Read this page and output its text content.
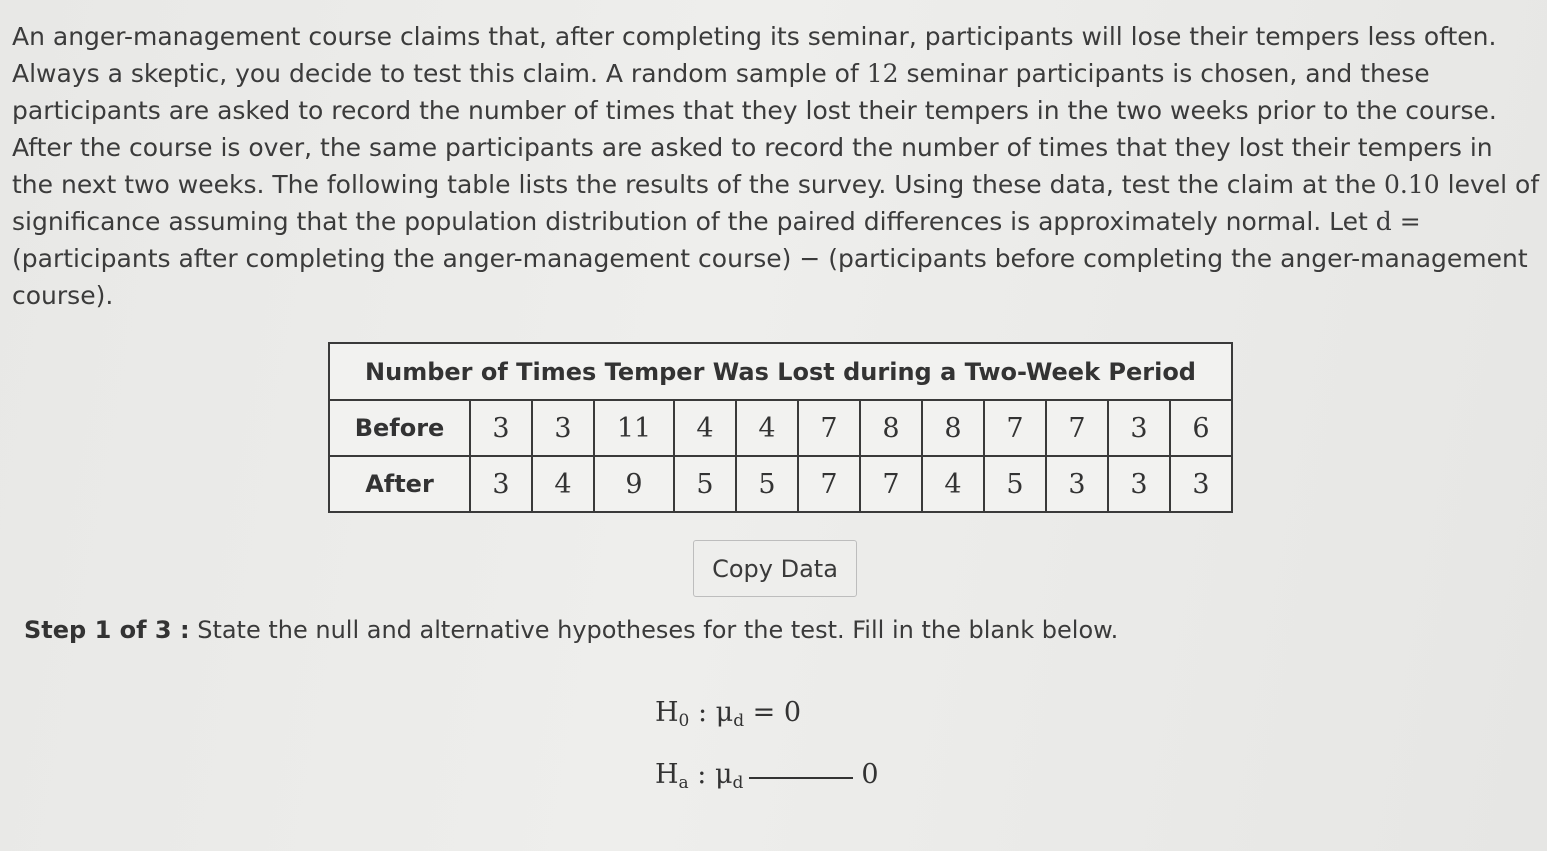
An anger-management course claims that, after completing its seminar, participants will lose their tempers less often. Always a skeptic, you decide to test this claim. A random sample of 12 seminar participants is chosen, and these participants are asked to record the number of times that they lost their tempers in the two weeks prior to the course. After the course is over, the same participants are asked to record the number of times that they lost their tempers in the next two weeks. The following table lists the results of the survey. Using these data, test the claim at the 0.10 level of significance assuming that the population distribution of the paired differences is approximately normal. Let d = (participants after completing the anger-management course) − (participants before completing the anger-management course).

Number of Times Temper Was Lost during a Two-Week Period												
Before	3	3	11	4	4	7	8	8	7	7	3	6
After	3	4	9	5	5	7	7	4	5	3	3	3
Copy Data
Step 1 of 3 : State the null and alternative hypotheses for the test. Fill in the blank below.
$H_0$ : $\mu_d = 0$
$H_a$ : $\mu_d$	0
